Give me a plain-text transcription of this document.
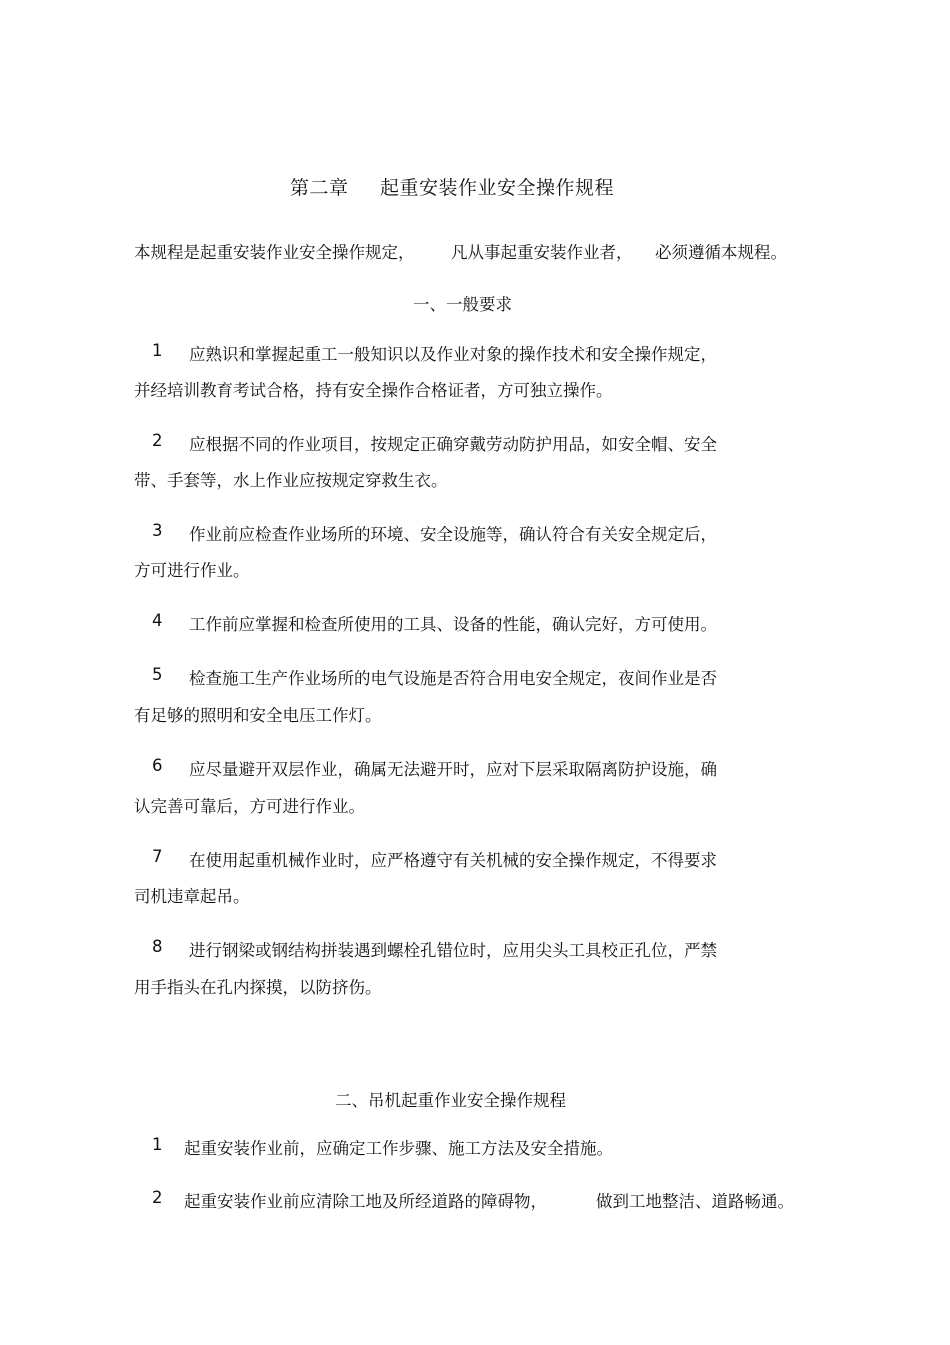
第二章 起重安装作业安全操作规程
本规程是起重安装作业安全操作规定， 凡从事起重安装作业者， 必须遵循本规程。
一、一般要求
1 应熟识和掌握起重工一般知识以及作业对象的操作技术和安全操作规定，
并经培训教育考试合格，持有安全操作合格证者，方可独立操作。
2 应根据不同的作业项目，按规定正确穿戴劳动防护用品，如安全帽、安全
带、手套等，水上作业应按规定穿救生衣。
3 作业前应检查作业场所的环境、安全设施等，确认符合有关安全规定后，
方可进行作业。
4 工作前应掌握和检查所使用的工具、设备的性能，确认完好，方可使用。
5 检查施工生产作业场所的电气设施是否符合用电安全规定，夜间作业是否
有足够的照明和安全电压工作灯。
6 应尽量避开双层作业，确属无法避开时，应对下层采取隔离防护设施，确
认完善可靠后，方可进行作业。
7 在使用起重机械作业时，应严格遵守有关机械的安全操作规定，不得要求
司机违章起吊。
8 进行钢梁或钢结构拼装遇到螺栓孔错位时，应用尖头工具校正孔位，严禁
用手指头在孔内探摸，以防挤伤。
二、吊机起重作业安全操作规程
1 起重安装作业前，应确定工作步骤、施工方法及安全措施。
2 起重安装作业前应清除工地及所经道路的障碍物，	做到工地整洁、道路畅通。
